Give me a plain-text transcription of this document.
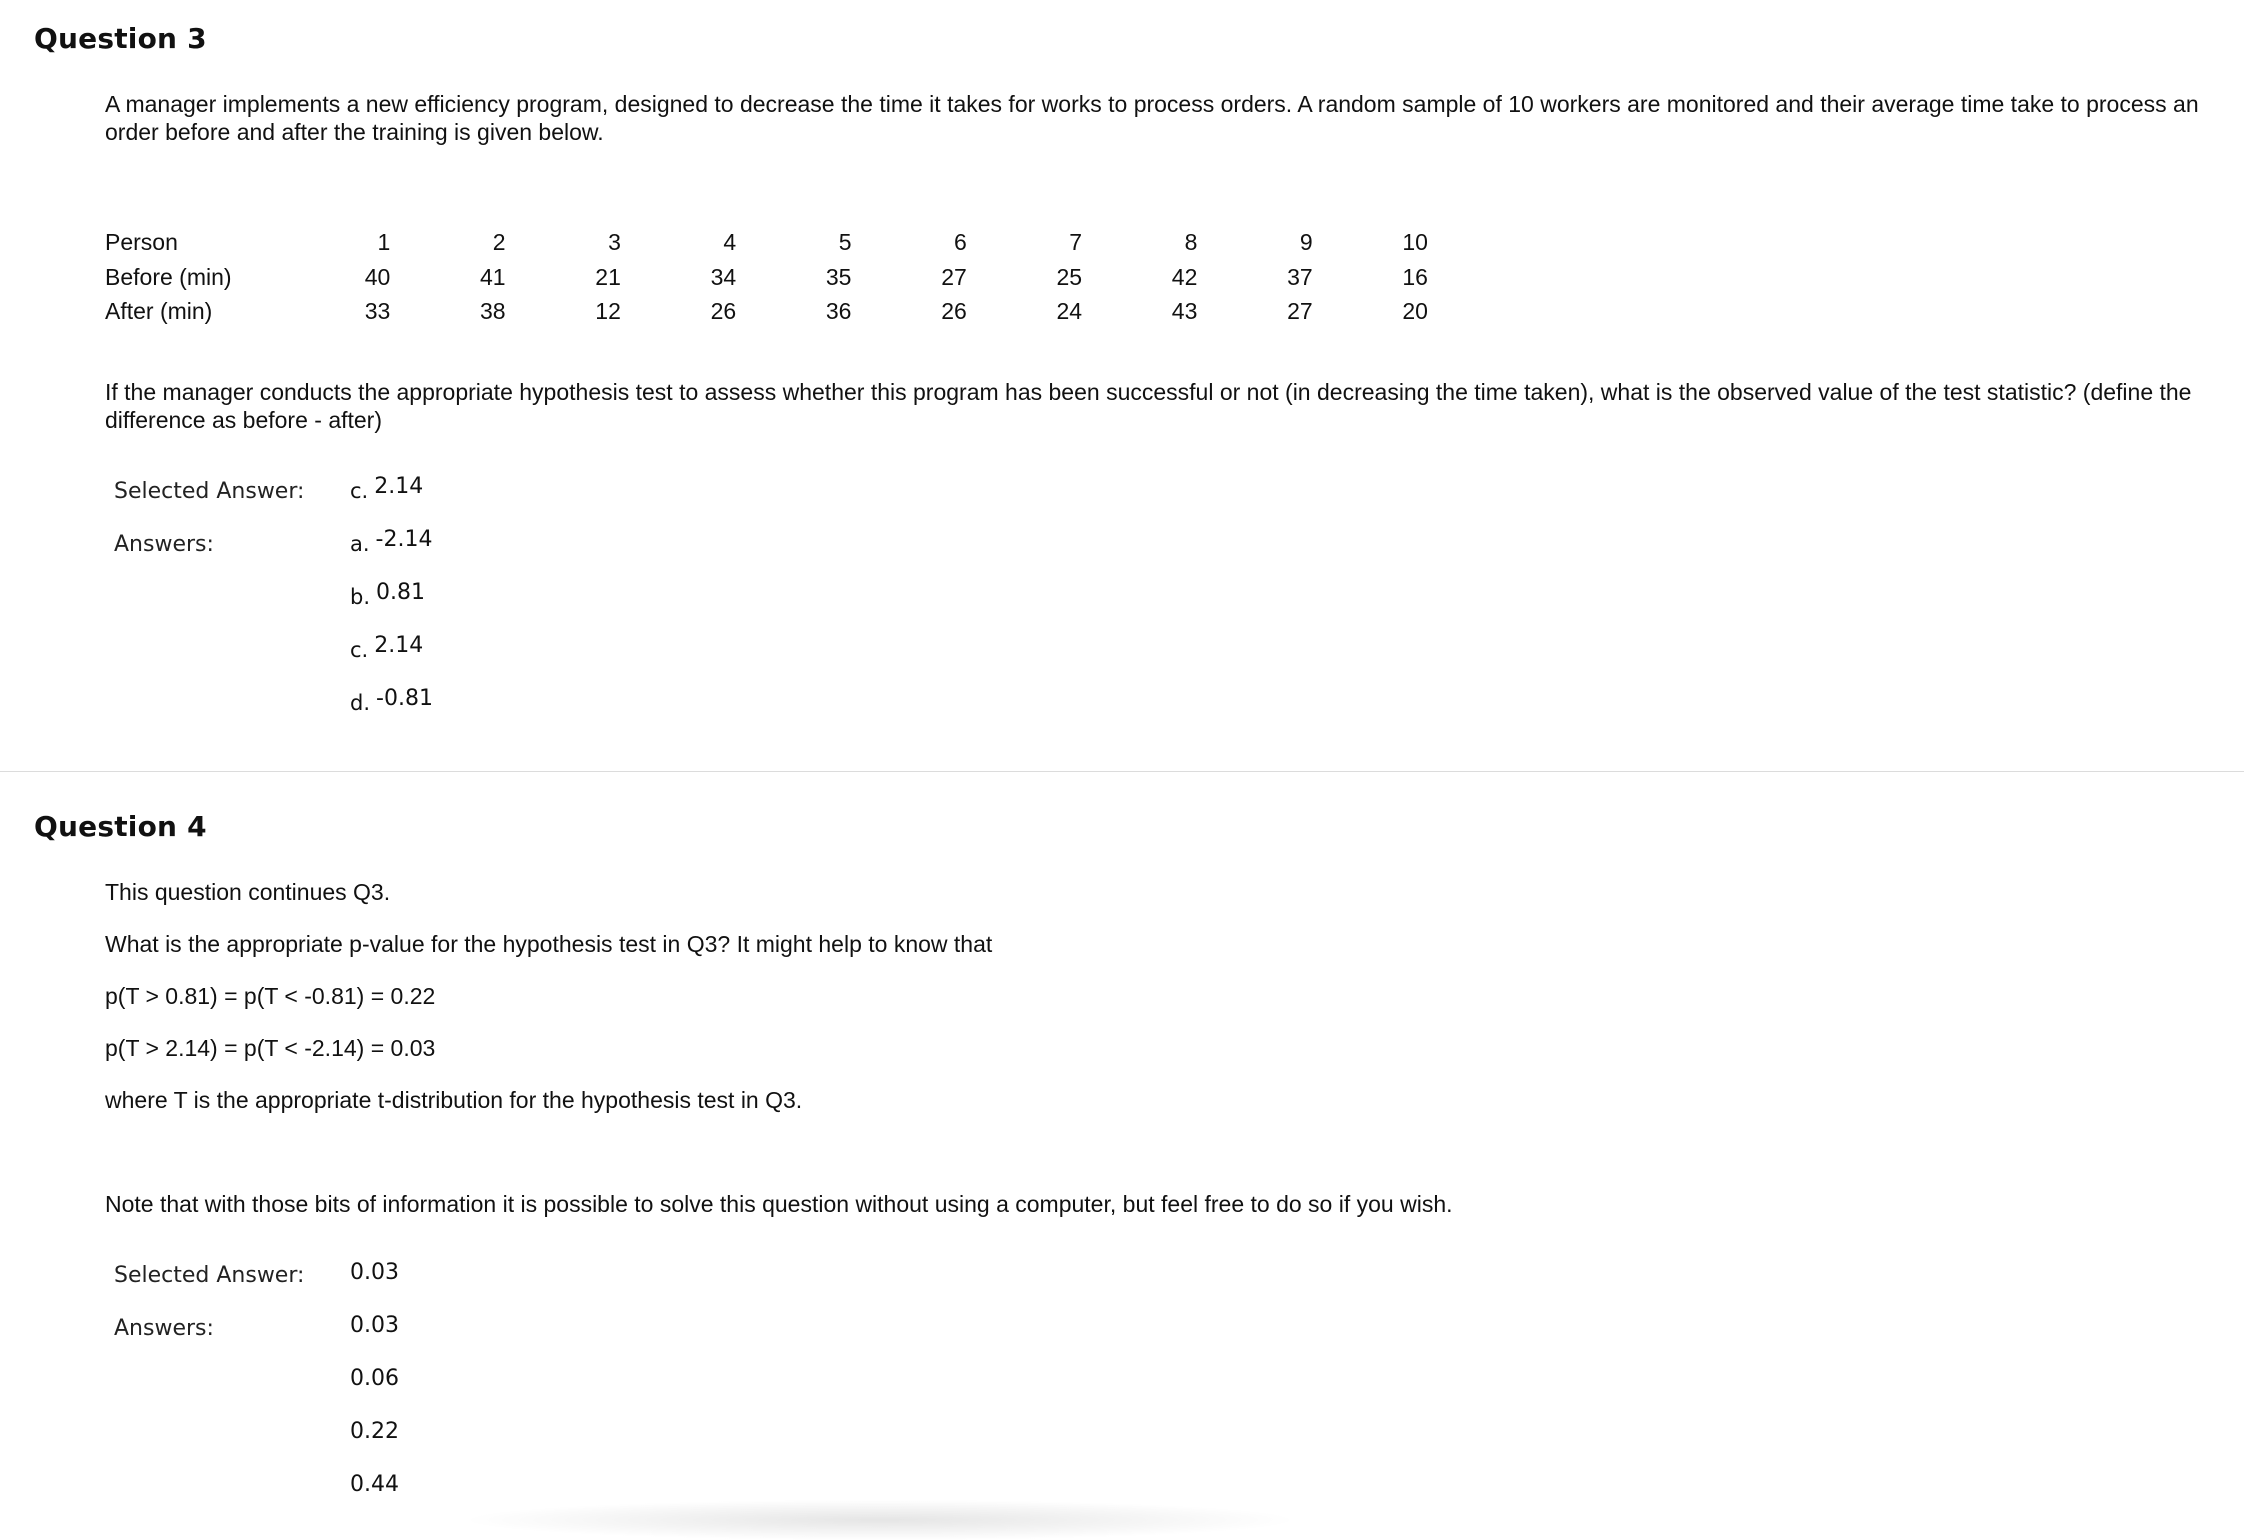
Question 3
A manager implements a new efficiency program, designed to decrease the time it takes for works to process orders. A random sample of 10 workers are monitored and their average time take to process an order before and after the training is given below.
Person	1	2	3	4	5	6	7	8	9	10
Before (min)	40	41	21	34	35	27	25	42	37	16
After (min)	33	38	12	26	36	26	24	43	27	20
If the manager conducts the appropriate hypothesis test to assess whether this program has been successful or not (in decreasing the time taken), what is the observed value of the test statistic? (define the difference as before - after)
Selected Answer: c. 2.14
Answers:	a. -2.14
b. 0.81
c. 2.14
d. -0.81
Question 4
This question continues Q3.
What is the appropriate p-value for the hypothesis test in Q3? It might help to know that
p(T > 0.81) = p(T < -0.81) = 0.22
p(T > 2.14) = p(T < -2.14) = 0.03
where T is the appropriate t-distribution for the hypothesis test in Q3.
Note that with those bits of information it is possible to solve this question without using a computer, but feel free to do so if you wish.
Selected Answer: 0.03
Answers:	0.03
0.06
0.22
0.44
